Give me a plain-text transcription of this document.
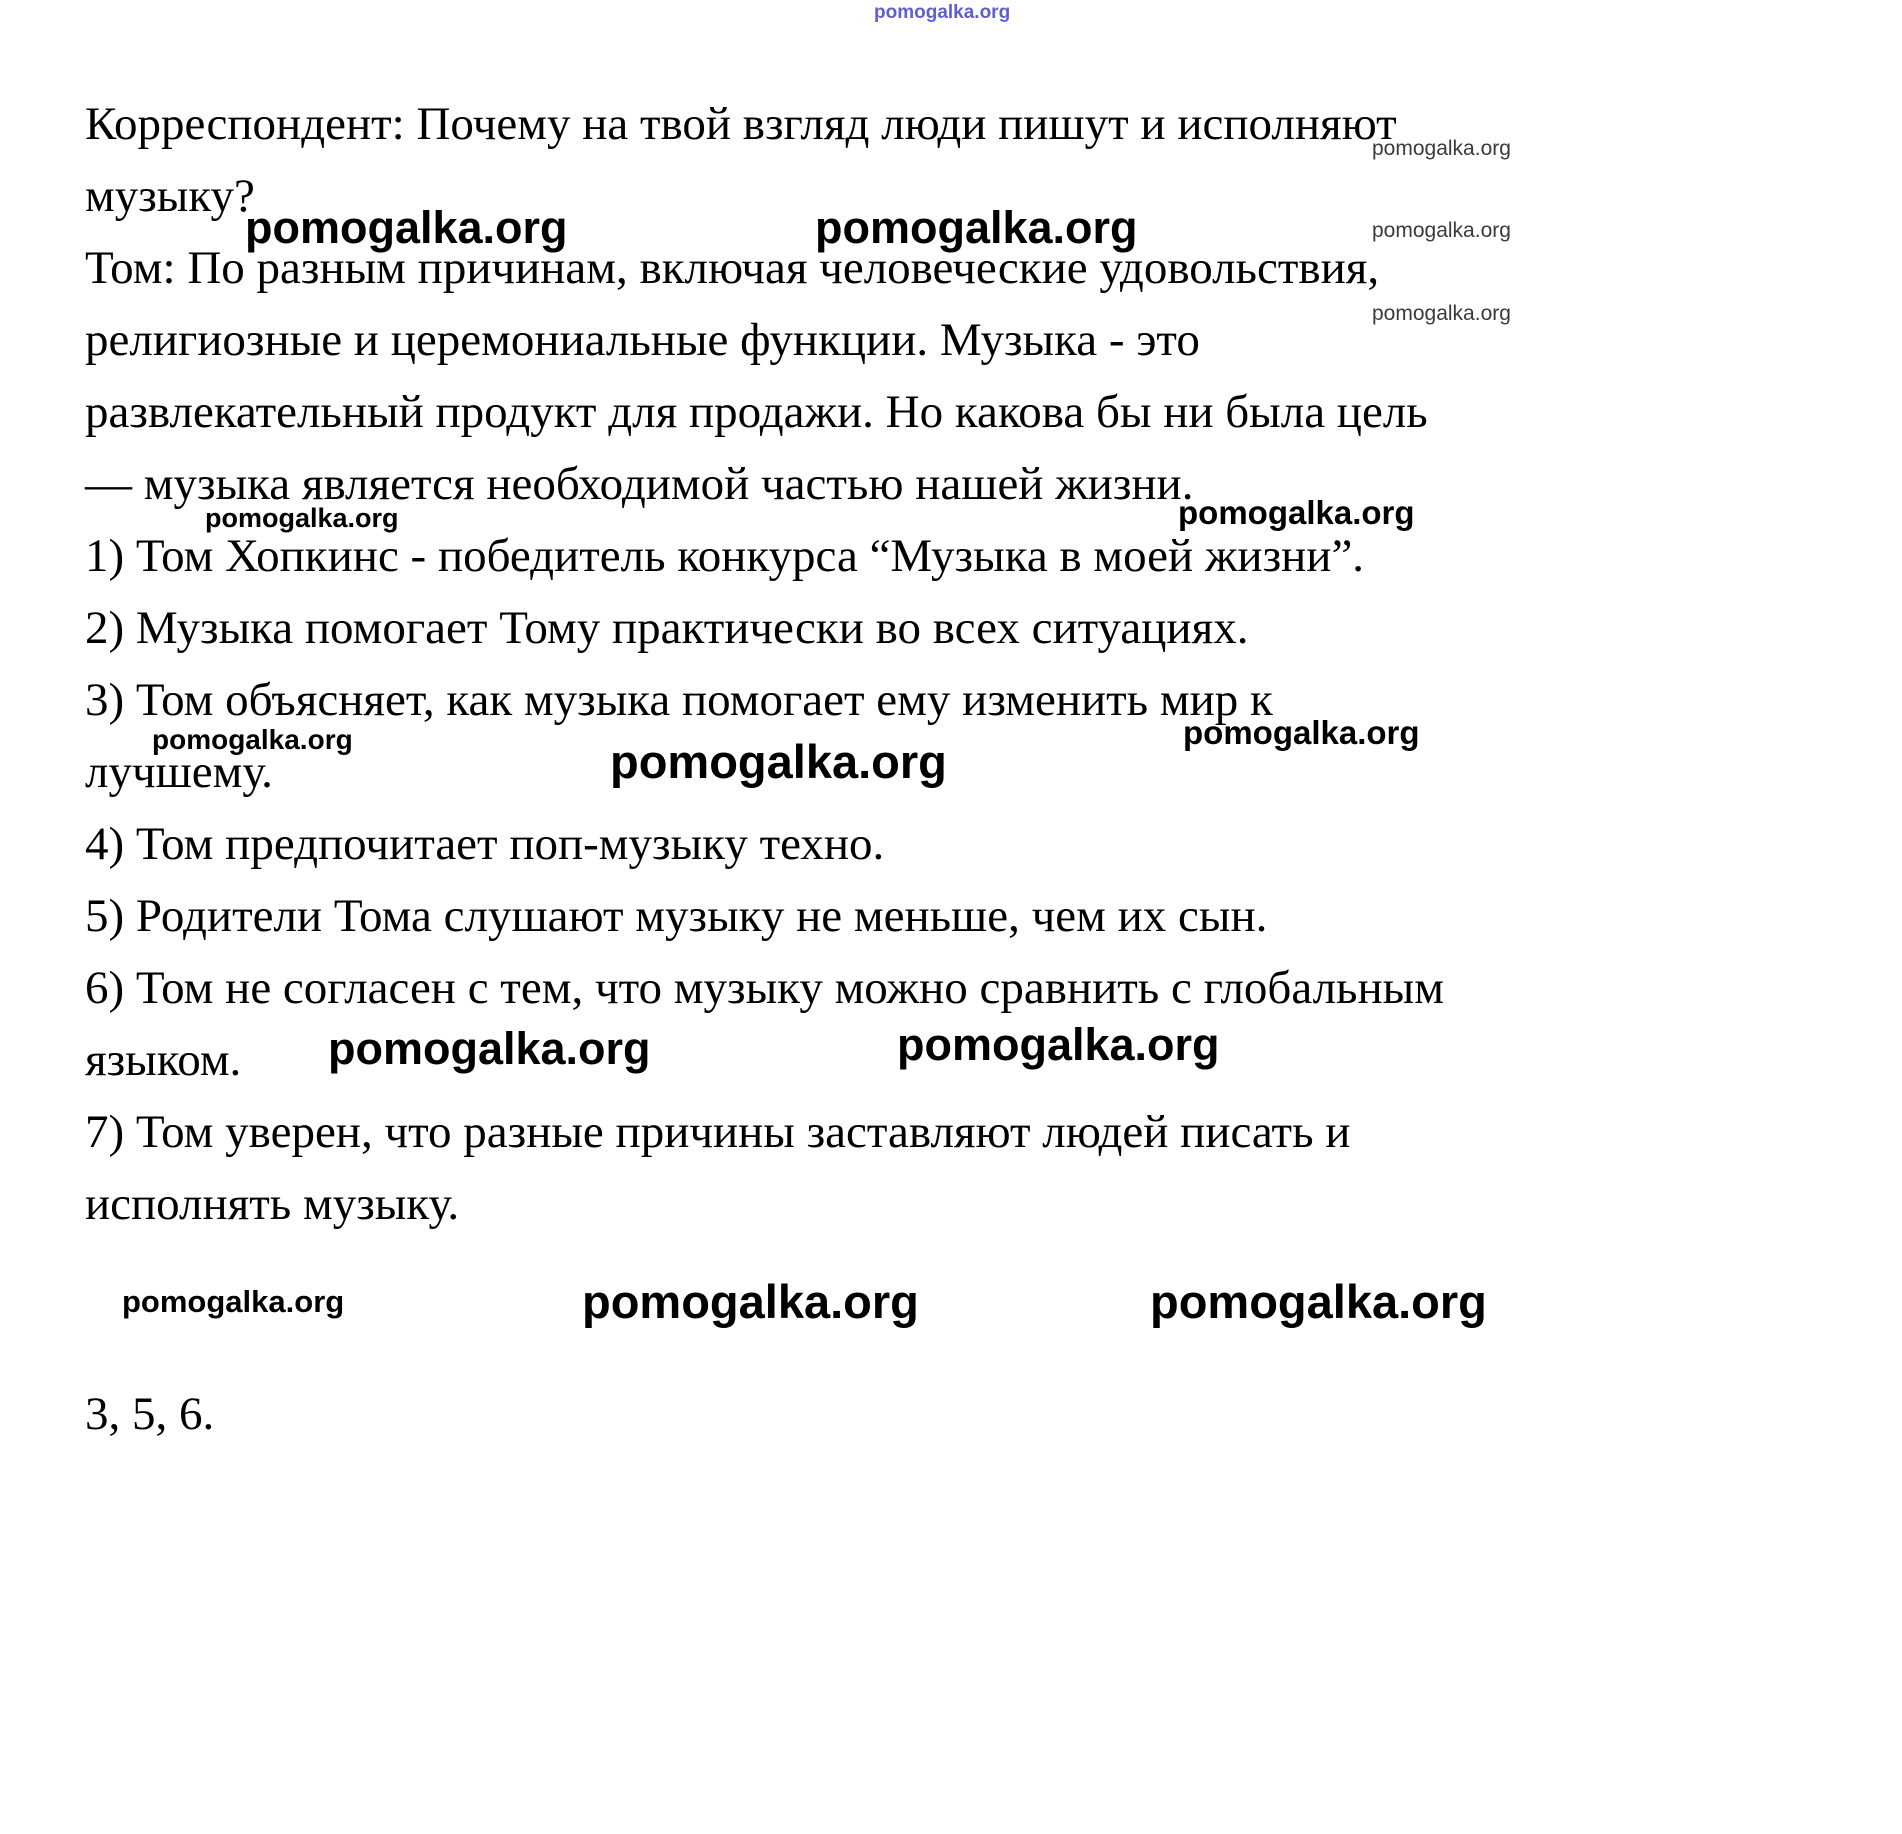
pomogalka.org
pomogalka.org
pomogalka.org
pomogalka.org
pomogalka.org	pomogalka.org
pomogalka.org	pomogalka.org
pomogalka.org	pomogalka.org
pomogalka.org
pomogalka.org	pomogalka.org
pomogalka.org	pomogalka.org	pomogalka.org
Корреспондент: Почему на твой взгляд люди пишут и исполняют
музыку?
Том: По разным причинам, включая человеческие удовольствия,
религиозные и церемониальные функции. Музыка - это
развлекательный продукт для продажи. Но какова бы ни была цель
— музыка является необходимой частью нашей жизни.
1) Том Хопкинс - победитель конкурса “Музыка в моей жизни”.
2) Музыка помогает Тому практически во всех ситуациях.
3) Том объясняет, как музыка помогает ему изменить мир к
лучшему.
4) Том предпочитает поп-музыку техно.
5) Родители Тома слушают музыку не меньше, чем их сын.
6) Том не согласен с тем, что музыку можно сравнить с глобальным
языком.
7) Том уверен, что разные причины заставляют людей писать и
исполнять музыку.
3, 5, 6.
